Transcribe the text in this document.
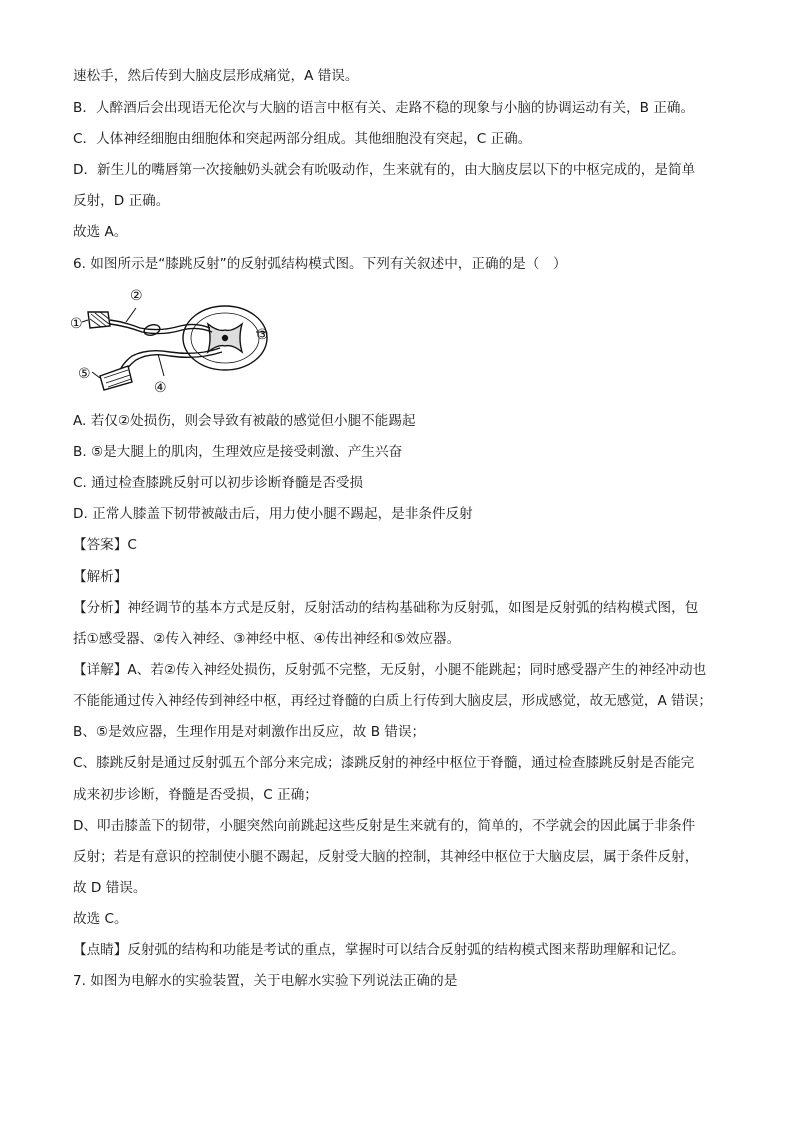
速松手，然后传到大脑皮层形成痛觉，A 错误。
B．人醉酒后会出现语无伦次与大脑的语言中枢有关、走路不稳的现象与小脑的协调运动有关，B 正确。
C．人体神经细胞由细胞体和突起两部分组成。其他细胞没有突起，C 正确。
D．新生儿的嘴唇第一次接触奶头就会有吮吸动作，生来就有的，由大脑皮层以下的中枢完成的，是简单
反射，D 正确。
故选 A。
6. 如图所示是“膝跳反射”的反射弧结构模式图。下列有关叙述中，正确的是（　）
①
②
③
④
⑤
A. 若仅②处损伤，则会导致有被敲的感觉但小腿不能踢起
B. ⑤是大腿上的肌肉，生理效应是接受刺激、产生兴奋
C. 通过检查膝跳反射可以初步诊断脊髓是否受损
D. 正常人膝盖下韧带被敲击后，用力使小腿不踢起，是非条件反射
【答案】C
【解析】
【分析】神经调节的基本方式是反射，反射活动的结构基础称为反射弧，如图是反射弧的结构模式图，包
括①感受器、②传入神经、③神经中枢、④传出神经和⑤效应器。
【详解】A、若②传入神经处损伤，反射弧不完整，无反射，小腿不能跳起；同时感受器产生的神经冲动也
不能能通过传入神经传到神经中枢，再经过脊髓的白质上行传到大脑皮层，形成感觉，故无感觉，A 错误；
B、⑤是效应器，生理作用是对刺激作出反应，故 B 错误；
C、膝跳反射是通过反射弧五个部分来完成；漆跳反射的神经中枢位于脊髓，通过检查膝跳反射是否能完
成来初步诊断，脊髓是否受损，C 正确；
D、叩击膝盖下的韧带，小腿突然向前跳起这些反射是生来就有的，简单的，不学就会的因此属于非条件
反射；若是有意识的控制使小腿不踢起，反射受大脑的控制，其神经中枢位于大脑皮层，属于条件反射，
故 D 错误。
故选 C。
【点睛】反射弧的结构和功能是考试的重点，掌握时可以结合反射弧的结构模式图来帮助理解和记忆。
7. 如图为电解水的实验装置，关于电解水实验下列说法正确的是
